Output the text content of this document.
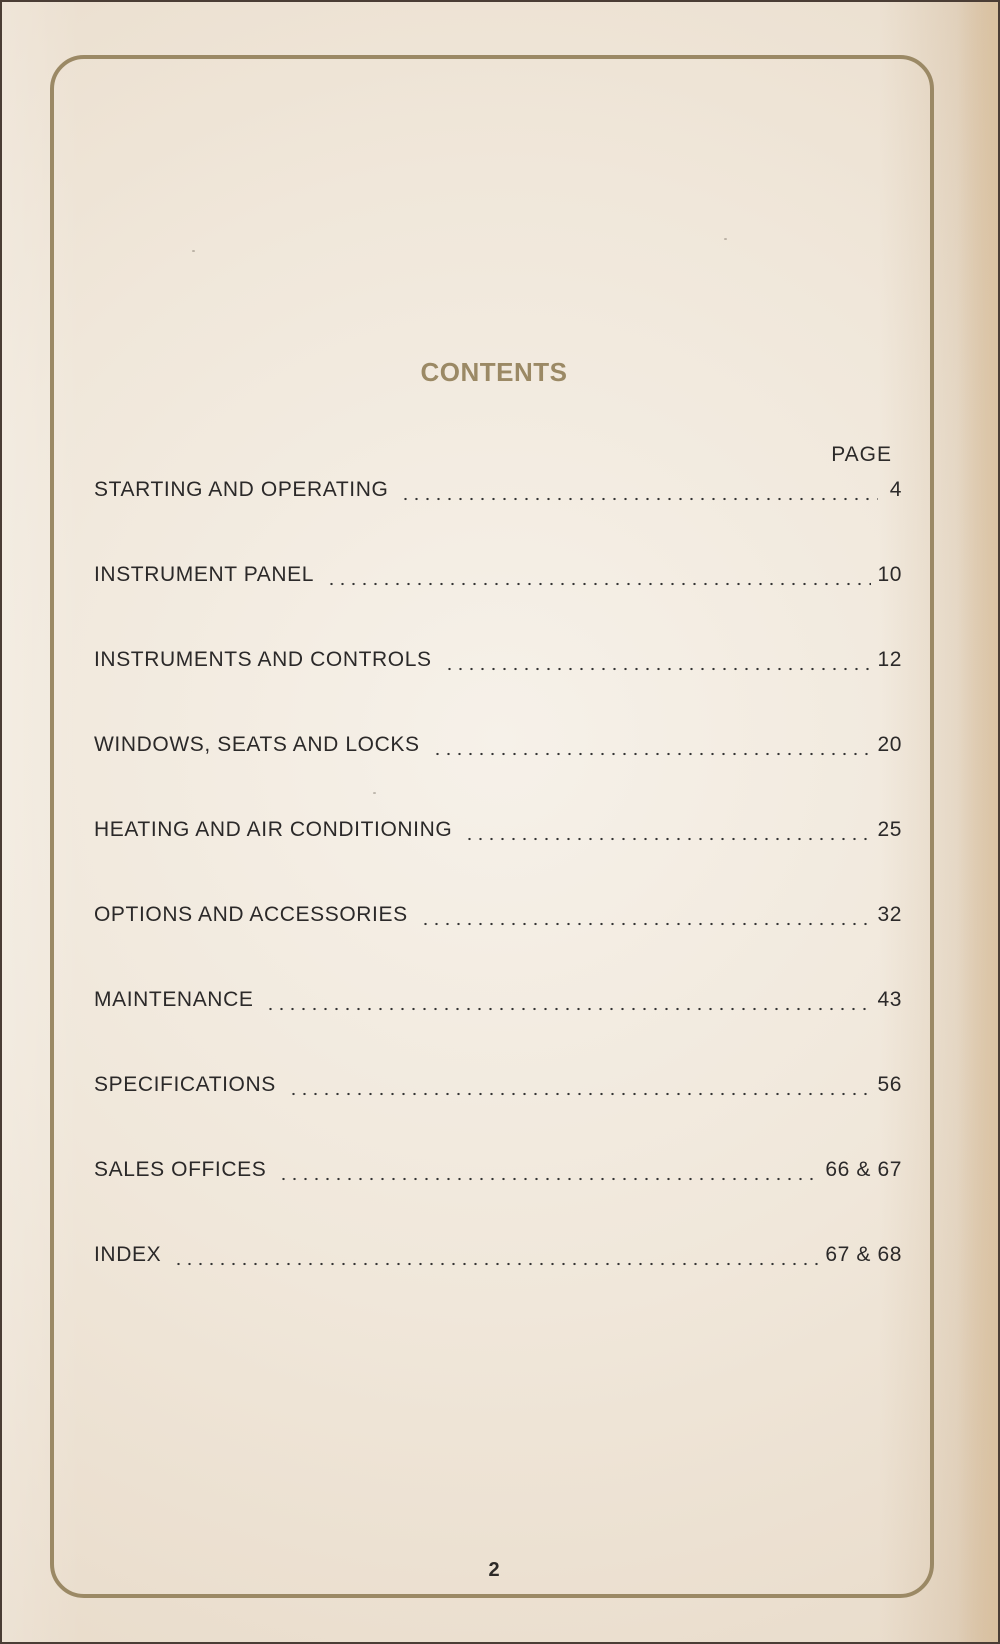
CONTENTS
PAGE
STARTING AND OPERATING	4
INSTRUMENT PANEL	10
INSTRUMENTS AND CONTROLS	12
WINDOWS, SEATS AND LOCKS	20
HEATING AND AIR CONDITIONING	25
OPTIONS AND ACCESSORIES	32
MAINTENANCE	43
SPECIFICATIONS	56
SALES OFFICES	66 & 67
INDEX	67 & 68
2
